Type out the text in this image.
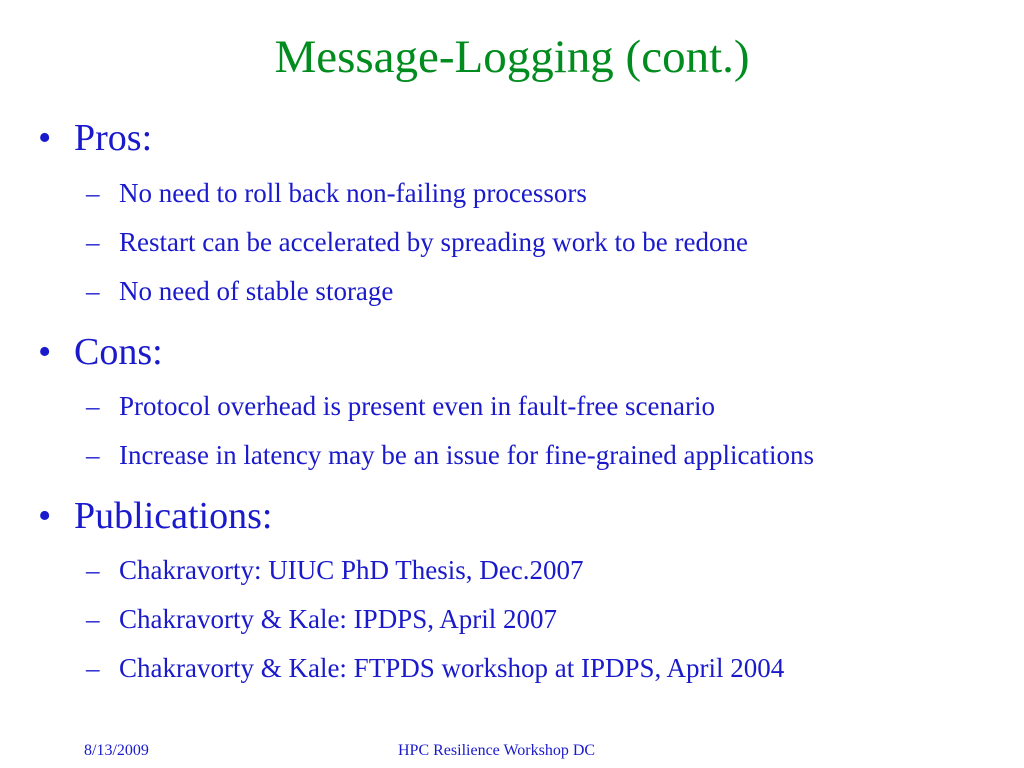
Message-Logging (cont.)
• Pros:
– No need to roll back non-failing processors
– Restart can be accelerated by spreading work to be redone
– No need of stable storage
• Cons:
– Protocol overhead is present even in fault-free scenario
– Increase in latency may be an issue for fine-grained applications
• Publications:
– Chakravorty: UIUC PhD Thesis, Dec.2007
– Chakravorty & Kale: IPDPS, April 2007
– Chakravorty & Kale: FTPDS workshop at IPDPS, April 2004
8/13/2009	HPC Resilience Workshop DC
